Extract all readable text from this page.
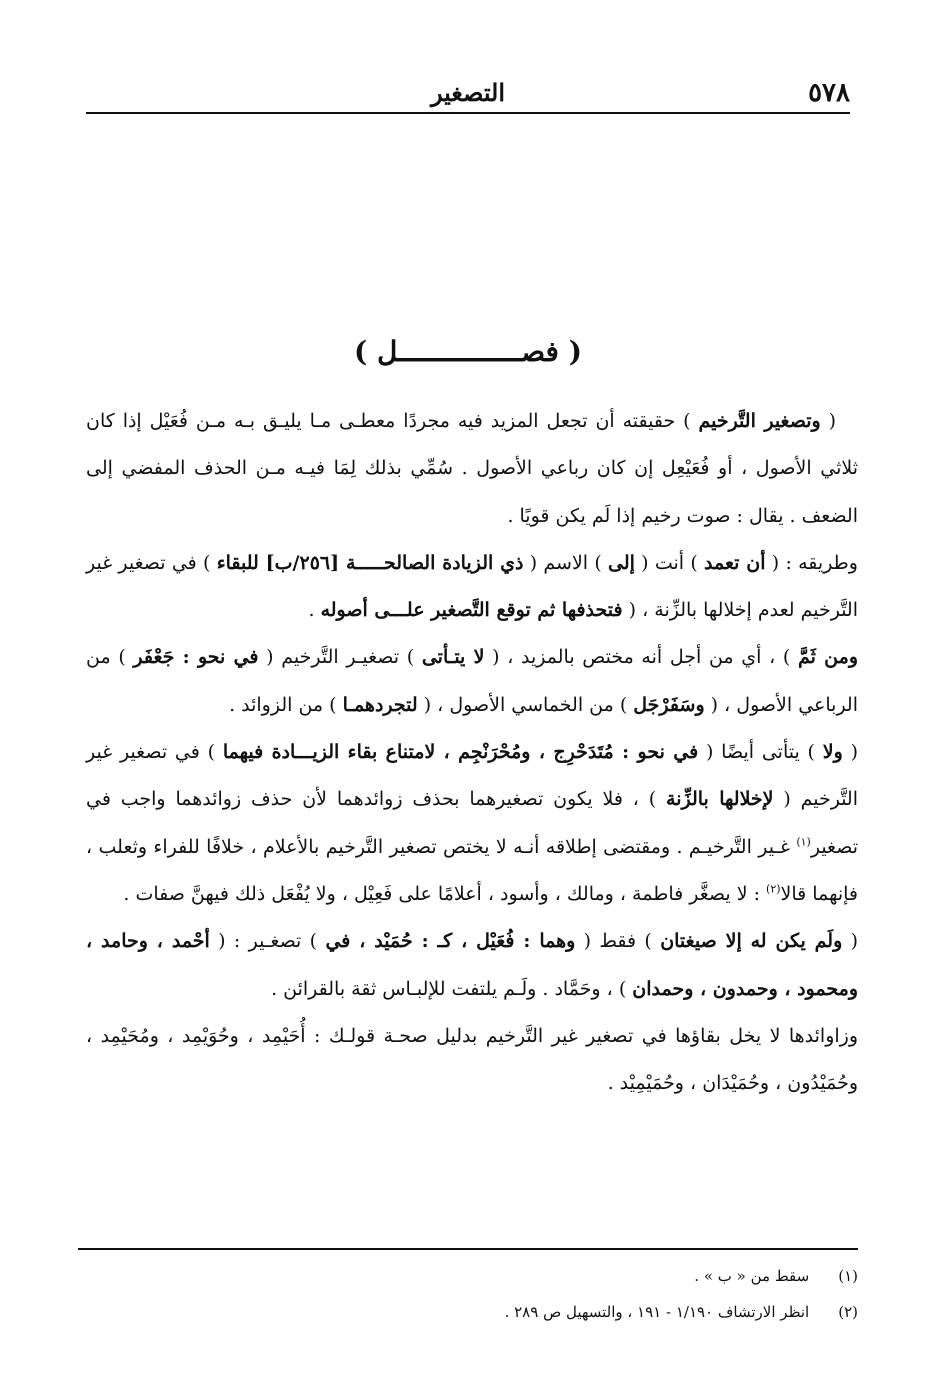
٥٧٨
التصغير
( فصـــــــــــــــل )

( وتصغير التَّرخيم ) حقيقته أن تجعل المزيد فيه مجردًا معطـى مـا يليـق بـه مـن فُعَيْل إذا كان ثلاثي الأصول ، أو فُعَيْعِل إن كان رباعي الأصول . سُمِّي بذلك لِمَا فيـه مـن الحذف المفضي إلى الضعف . يقال : صوت رخيم إذا لَم يكن قويًا .

وطريقه : ( أن تعمد ) أنت ( إلى ) الاسم ( ذي الزيادة الصالحـــــة [٢٥٦/ب] للبقاء ) في تصغير غير التَّرخيم لعدم إخلالها بالزِّنة ، ( فتحذفها ثم توقع التَّصغير علـــى أصوله .

ومن ثَمَّ ) ، أي من أجل أنه مختص بالمزيد ، ( لا يتـأتى ) تصغيـر التَّرخيم ( في نحو : جَعْفَر ) من الرباعي الأصول ، ( وسَفَرْجَل ) من الخماسي الأصول ، ( لتجردهمـا ) من الزوائد .

( ولا ) يتأتى أيضًا ( في نحو : مُتَدَحْرِج ، ومُحْرَنْجِم ، لامتناع بقاء الزيـــادة فيهما ) في تصغير غير التَّرخيم ( لإخلالها بالزِّنة ) ، فلا يكون تصغيرهما بحذف زوائدهما لأن حذف زوائدهما واجب في تصغير$^{(١)}$ غـير التَّرخيـم . ومقتضى إطلاقه أنـه لا يختص تصغير التَّرخيم بالأعلام ، خلافًا للفراء وثعلب ، فإنهما قالا$^{(٢)}$ : لا يصغَّر فاطمة ، ومالك ، وأسود ، أعلامًا على فَعِيْل ، ولا يُفْعَل ذلك فيهنَّ صفات .

( ولَم يكن له إلا صيغتان ) فقط ( وهما : فُعَيْل ، كـ : حُمَيْد ، في ) تصغـير : ( أحْمد ، وحامد ، ومحمود ، وحمدون ، وحمدان ) ، وحَمَّاد . ولَـم يلتفت للإلبـاس ثقة بالقرائن .

وزاوائدها لا يخل بقاؤها في تصغير غير التَّرخيم بدليل صحـة قولـك : أُحَيْمِد ، وحُوَيْمِد ، ومُحَيْمِد ، وحُمَيْدُون ، وحُمَيْدَان ، وحُمَيْمِيْد .

(١) سقط من « ب » .
(٢) انظر الارتشاف ١/١٩٠ - ١٩١ ، والتسهيل ص ٢٨٩ .
